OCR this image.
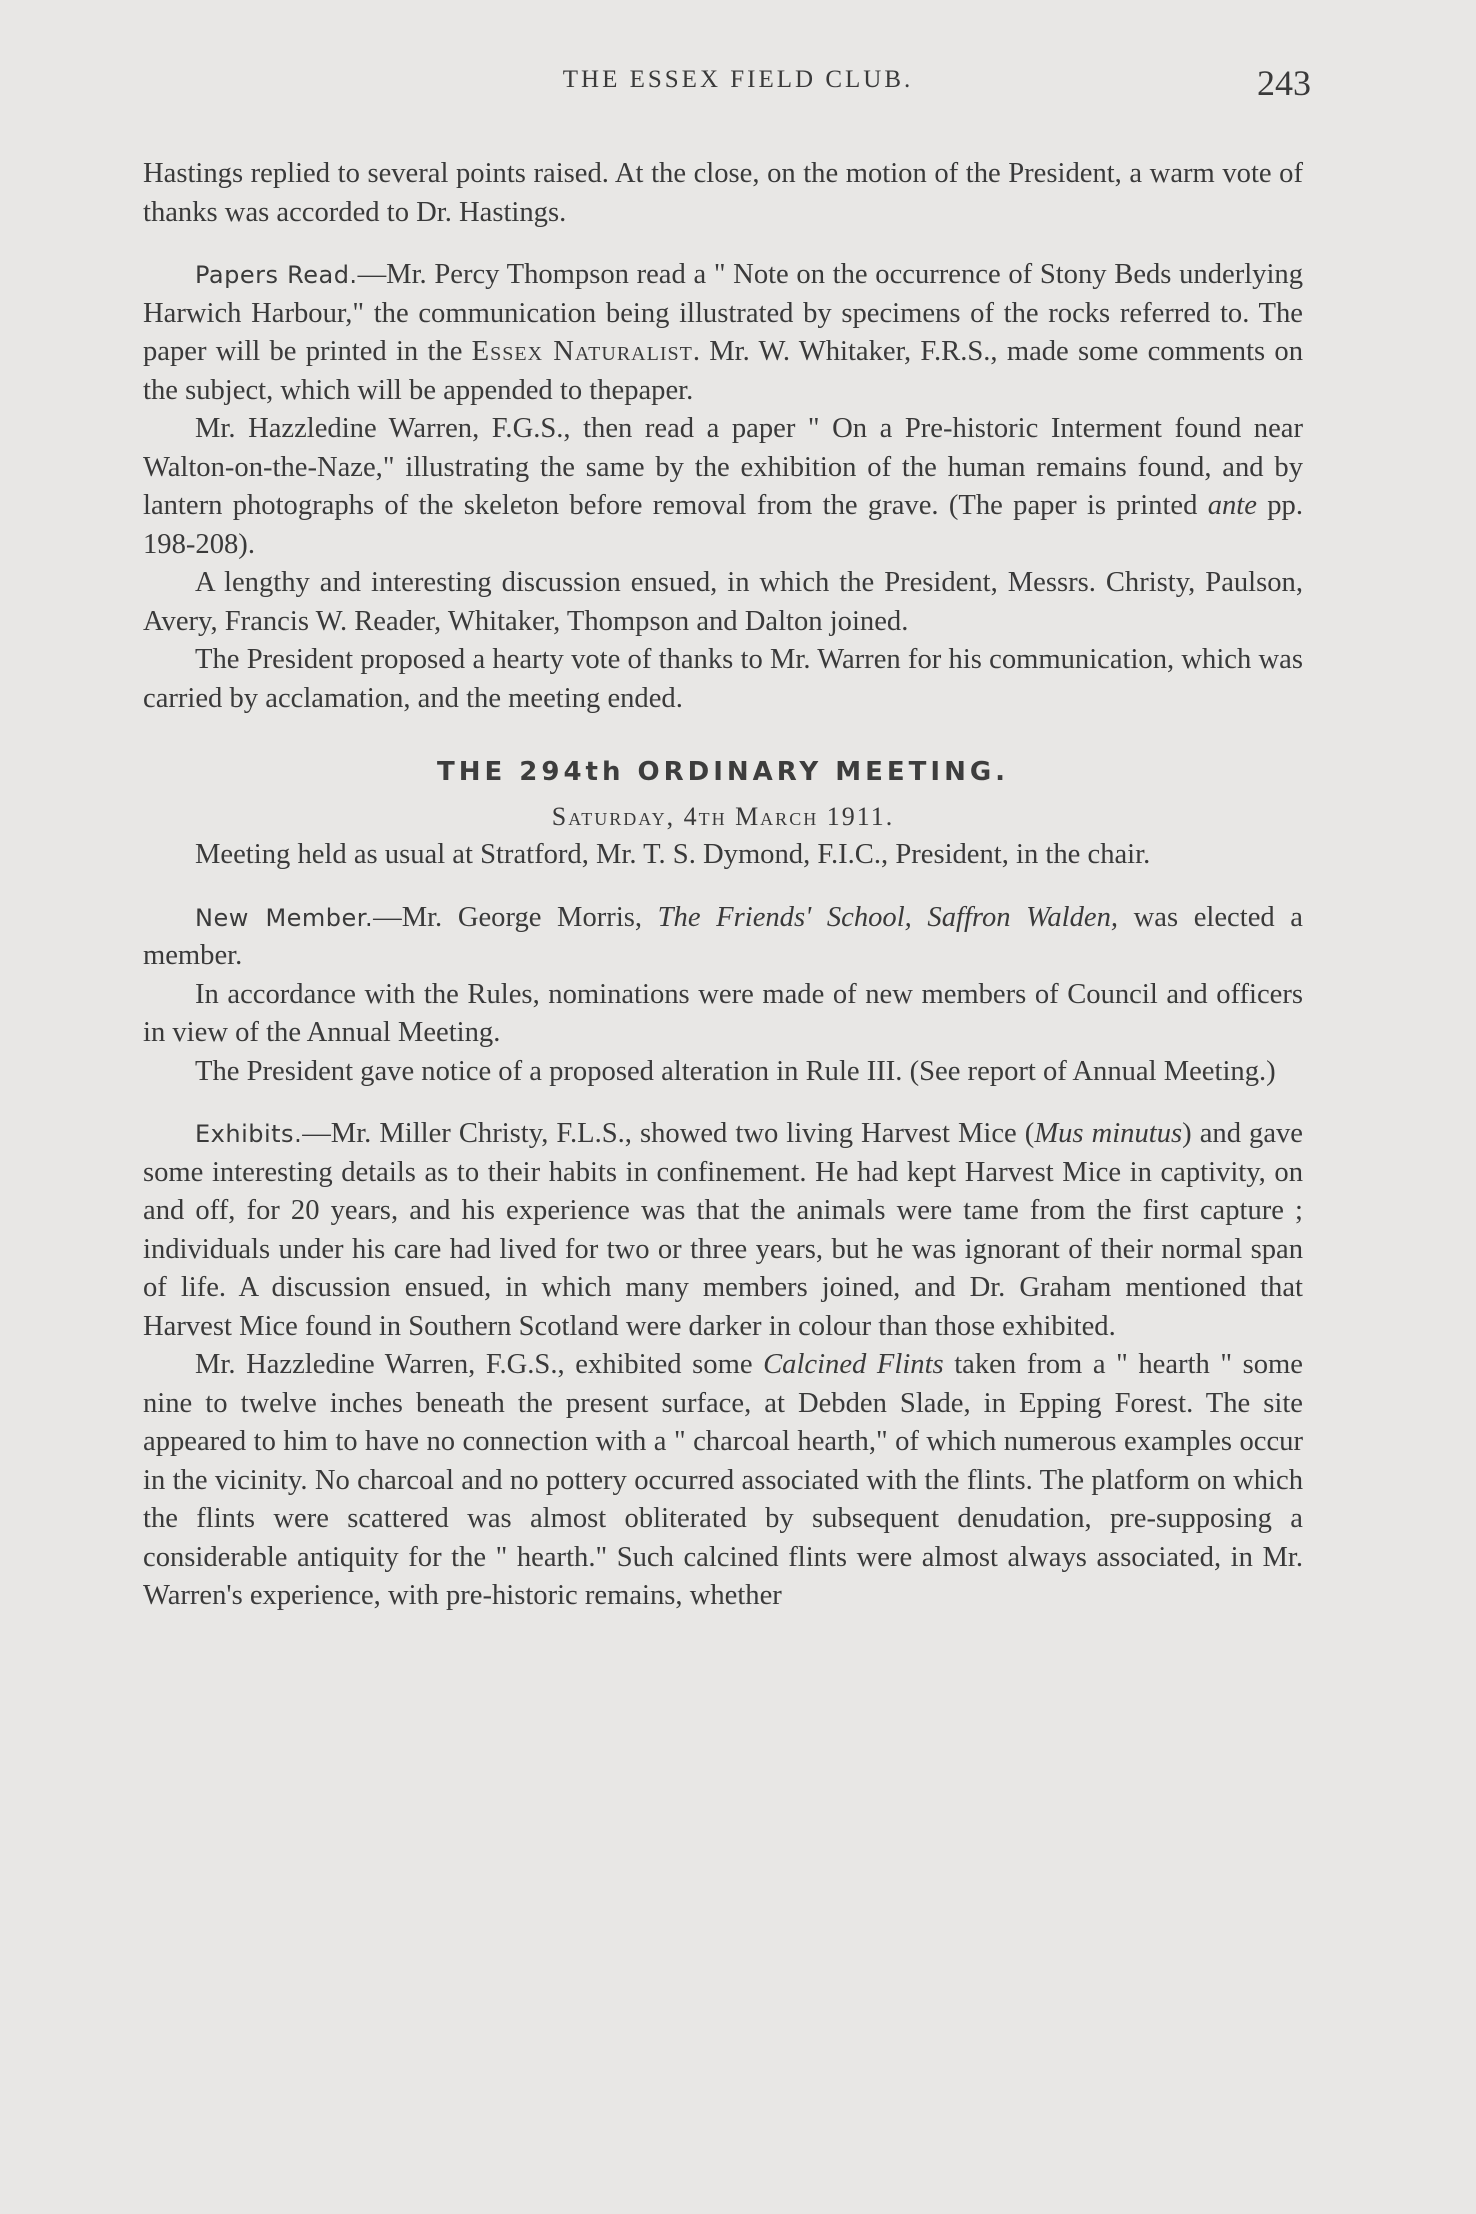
THE ESSEX FIELD CLUB.	243

Hastings replied to several points raised. At the close, on the motion of the President, a warm vote of thanks was accorded to Dr. Hastings.

Papers Read.—Mr. Percy Thompson read a " Note on the occurrence of Stony Beds underlying Harwich Harbour," the communication being illustrated by specimens of the rocks referred to. The paper will be printed in the Essex Naturalist. Mr. W. Whitaker, F.R.S., made some comments on the subject, which will be appended to thepaper.

Mr. Hazzledine Warren, F.G.S., then read a paper " On a Pre-historic Interment found near Walton-on-the-Naze," illustrating the same by the exhibition of the human remains found, and by lantern photographs of the skeleton before removal from the grave. (The paper is printed ante pp. 198-208).

A lengthy and interesting discussion ensued, in which the President, Messrs. Christy, Paulson, Avery, Francis W. Reader, Whitaker, Thompson and Dalton joined.

The President proposed a hearty vote of thanks to Mr. Warren for his communication, which was carried by acclamation, and the meeting ended.

THE 294th ORDINARY MEETING.
Saturday, 4th March 1911.

Meeting held as usual at Stratford, Mr. T. S. Dymond, F.I.C., President, in the chair.

New Member.—Mr. George Morris, The Friends' School, Saffron Walden, was elected a member.

In accordance with the Rules, nominations were made of new members of Council and officers in view of the Annual Meeting.

The President gave notice of a proposed alteration in Rule III. (See report of Annual Meeting.)

Exhibits.—Mr. Miller Christy, F.L.S., showed two living Harvest Mice (Mus minutus) and gave some interesting details as to their habits in confinement. He had kept Harvest Mice in captivity, on and off, for 20 years, and his experience was that the animals were tame from the first capture ; individuals under his care had lived for two or three years, but he was ignorant of their normal span of life. A discussion ensued, in which many members joined, and Dr. Graham mentioned that Harvest Mice found in Southern Scotland were darker in colour than those exhibited.

Mr. Hazzledine Warren, F.G.S., exhibited some Calcined Flints taken from a " hearth " some nine to twelve inches beneath the present surface, at Debden Slade, in Epping Forest. The site appeared to him to have no connection with a " charcoal hearth," of which numerous examples occur in the vicinity. No charcoal and no pottery occurred associated with the flints. The platform on which the flints were scattered was almost obliterated by subsequent denudation, pre-supposing a considerable antiquity for the " hearth." Such calcined flints were almost always associated, in Mr. Warren's experience, with pre-historic remains, whether
